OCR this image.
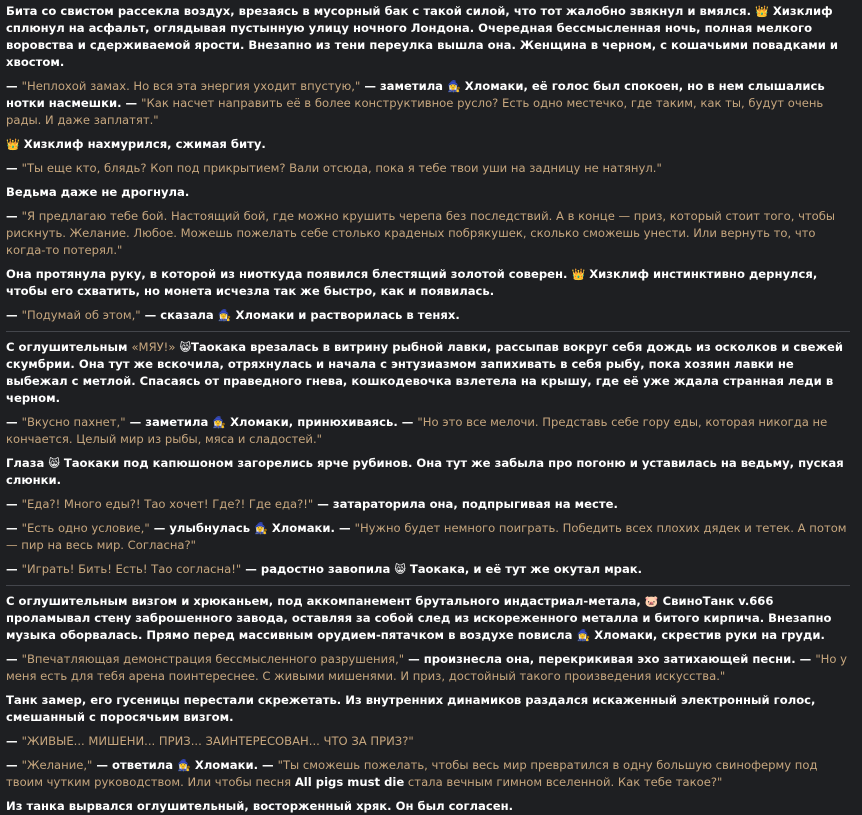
Бита со свистом рассекла воздух, врезаясь в мусорный бак с такой силой, что тот жалобно звякнул и вмялся. 👑 Хизклиф сплюнул на асфальт, оглядывая пустынную улицу ночного Лондона. Очередная бессмысленная ночь, полная мелкого воровства и сдерживаемой ярости. Внезапно из тени переулка вышла она. Женщина в черном, с кошачьими повадками и хвостом.

— "Неплохой замах. Но вся эта энергия уходит впустую," — заметила 🧙‍♀️ Хломаки, её голос был спокоен, но в нем слышались нотки насмешки. — "Как насчет направить её в более конструктивное русло? Есть одно местечко, где таким, как ты, будут очень рады. И даже заплатят."

👑 Хизклиф нахмурился, сжимая биту.

— "Ты еще кто, блядь? Коп под прикрытием? Вали отсюда, пока я тебе твои уши на задницу не натянул."

Ведьма даже не дрогнула.

— "Я предлагаю тебе бой. Настоящий бой, где можно крушить черепа без последствий. А в конце — приз, который стоит того, чтобы рискнуть. Желание. Любое. Можешь пожелать себе столько краденых побрякушек, сколько сможешь унести. Или вернуть то, что когда-то потерял."

Она протянула руку, в которой из ниоткуда появился блестящий золотой соверен. 👑 Хизклиф инстинктивно дернулся, чтобы его схватить, но монета исчезла так же быстро, как и появилась.

— "Подумай об этом," — сказала 🧙‍♀️ Хломаки и растворилась в тенях.

С оглушительным «МЯУ!» 😸Таокака врезалась в витрину рыбной лавки, рассыпав вокруг себя дождь из осколков и свежей скумбрии. Она тут же вскочила, отряхнулась и начала с энтузиазмом запихивать в себя рыбу, пока хозяин лавки не выбежал с метлой. Спасаясь от праведного гнева, кошкодевочка взлетела на крышу, где её уже ждала странная леди в черном.

— "Вкусно пахнет," — заметила 🧙‍♀️ Хломаки, принюхиваясь. — "Но это все мелочи. Представь себе гору еды, которая никогда не кончается. Целый мир из рыбы, мяса и сладостей."

Глаза 😸 Таокаки под капюшоном загорелись ярче рубинов. Она тут же забыла про погоню и уставилась на ведьму, пуская слюнки.

— "Еда?! Много еды?! Тао хочет! Где?! Где еда?!" — затараторила она, подпрыгивая на месте.

— "Есть одно условие," — улыбнулась 🧙‍♀️ Хломаки. — "Нужно будет немного поиграть. Победить всех плохих дядек и тетек. А потом — пир на весь мир. Согласна?"

— "Играть! Бить! Есть! Тао согласна!" — радостно завопила 😸 Таокака, и её тут же окутал мрак.

С оглушительным визгом и хрюканьем, под аккомпанемент брутального индастриал-метала, 🐷 СвиноТанк v.666 проламывал стену заброшенного завода, оставляя за собой след из искореженного металла и битого кирпича. Внезапно музыка оборвалась. Прямо перед массивным орудием-пятачком в воздухе повисла 🧙‍♀️ Хломаки, скрестив руки на груди.

— "Впечатляющая демонстрация бессмысленного разрушения," — произнесла она, перекрикивая эхо затихающей песни. — "Но у меня есть для тебя арена поинтереснее. С живыми мишенями. И приз, достойный такого произведения искусства."

Танк замер, его гусеницы перестали скрежетать. Из внутренних динамиков раздался искаженный электронный голос, смешанный с поросячьим визгом.

— "ЖИВЫЕ... МИШЕНИ... ПРИЗ... ЗАИНТЕРЕСОВАН... ЧТО ЗА ПРИЗ?"

— "Желание," — ответила 🧙‍♀️ Хломаки. — "Ты сможешь пожелать, чтобы весь мир превратился в одну большую свиноферму под твоим чутким руководством. Или чтобы песня All pigs must die стала вечным гимном вселенной. Как тебе такое?"

Из танка вырвался оглушительный, восторженный хряк. Он был согласен.
